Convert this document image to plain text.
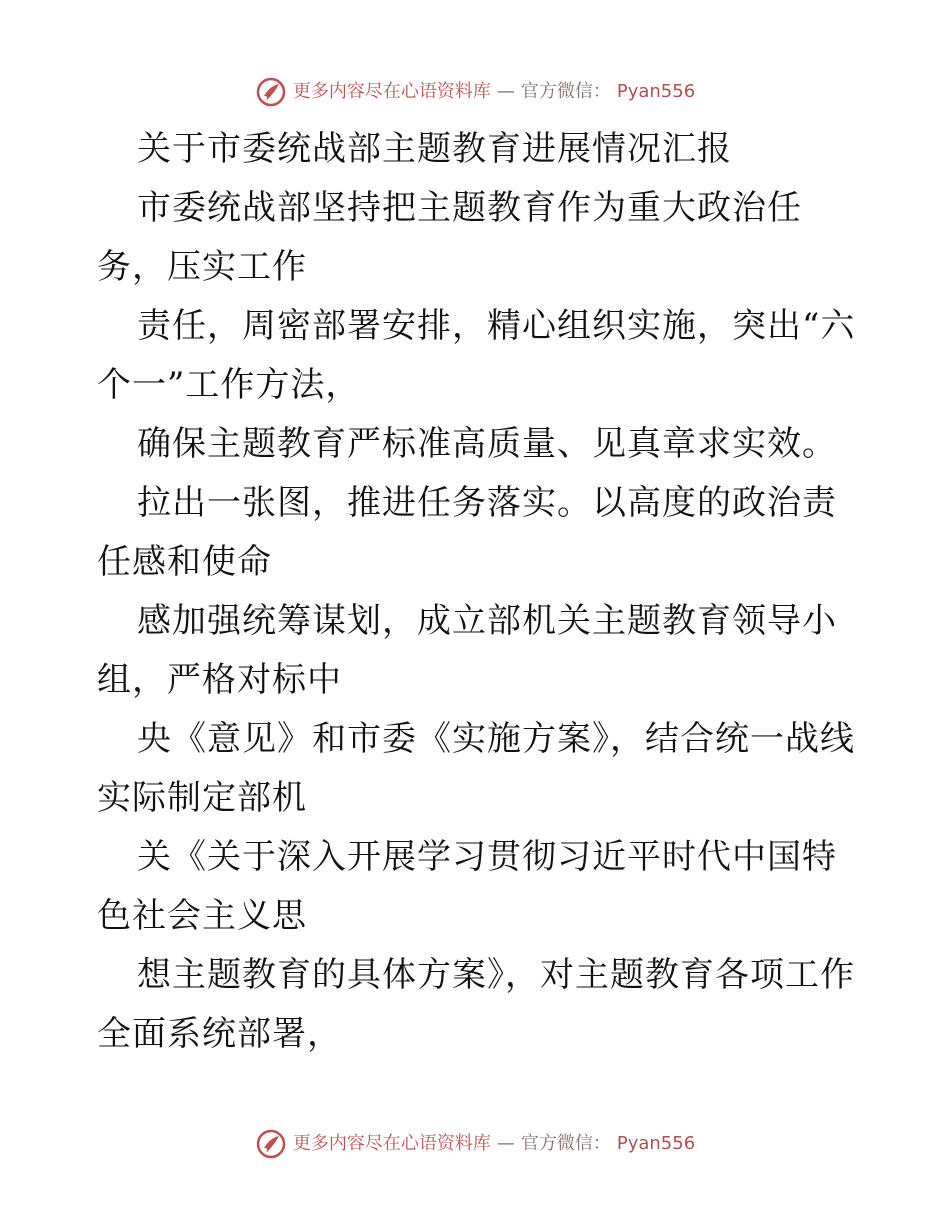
更多内容尽在心语资料库 — 官方微信： Pyan556

关于市委统战部主题教育进展情况汇报

市委统战部坚持把主题教育作为重大政治任务，压实工作

责任，周密部署安排，精心组织实施，突出“六个一”工作方法，

确保主题教育严标准高质量、见真章求实效。

拉出一张图，推进任务落实。以高度的政治责任感和使命

感加强统筹谋划，成立部机关主题教育领导小组，严格对标中

央《意见》和市委《实施方案》，结合统一战线实际制定部机

关《关于深入开展学习贯彻习近平时代中国特色社会主义思

想主题教育的具体方案》，对主题教育各项工作全面系统部署，

更多内容尽在心语资料库 — 官方微信： Pyan556
